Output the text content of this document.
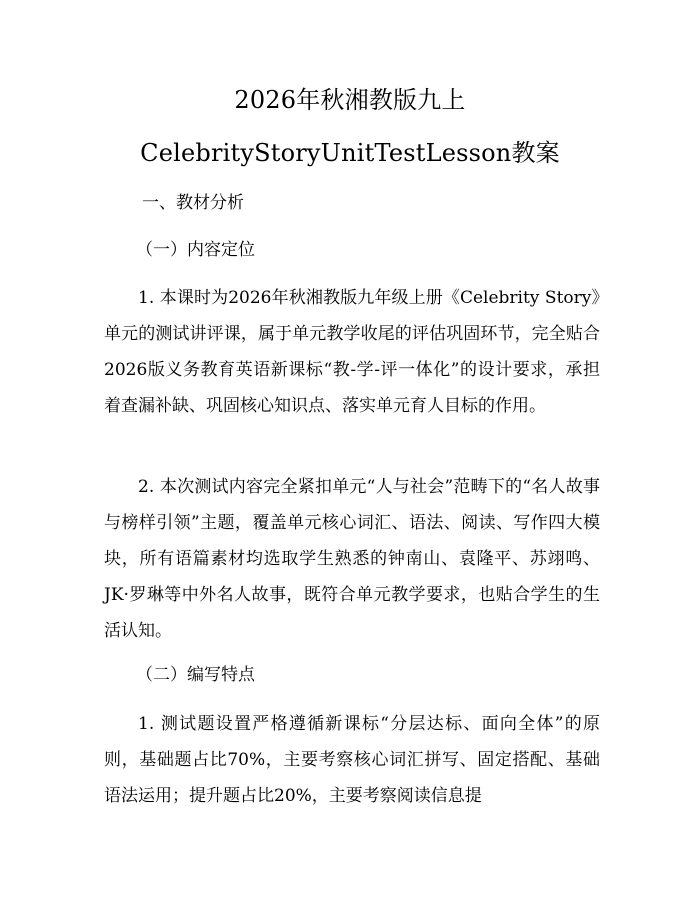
2026年秋湘教版九上
CelebrityStoryUnitTestLesson教案
一、教材分析
（一）内容定位

1. 本课时为2026年秋湘教版九年级上册《Celebrity Story》单元的测试讲评课，属于单元教学收尾的评估巩固环节，完全贴合2026版义务教育英语新课标“教-学-评一体化”的设计要求，承担着查漏补缺、巩固核心知识点、落实单元育人目标的作用。

2. 本次测试内容完全紧扣单元“人与社会”范畴下的“名人故事与榜样引领”主题，覆盖单元核心词汇、语法、阅读、写作四大模块，所有语篇素材均选取学生熟悉的钟南山、袁隆平、苏翊鸣、JK·罗琳等中外名人故事，既符合单元教学要求，也贴合学生的生活认知。

（二）编写特点

1. 测试题设置严格遵循新课标“分层达标、面向全体”的原则，基础题占比70%，主要考察核心词汇拼写、固定搭配、基础语法运用；提升题占比20%，主要考察阅读信息提
